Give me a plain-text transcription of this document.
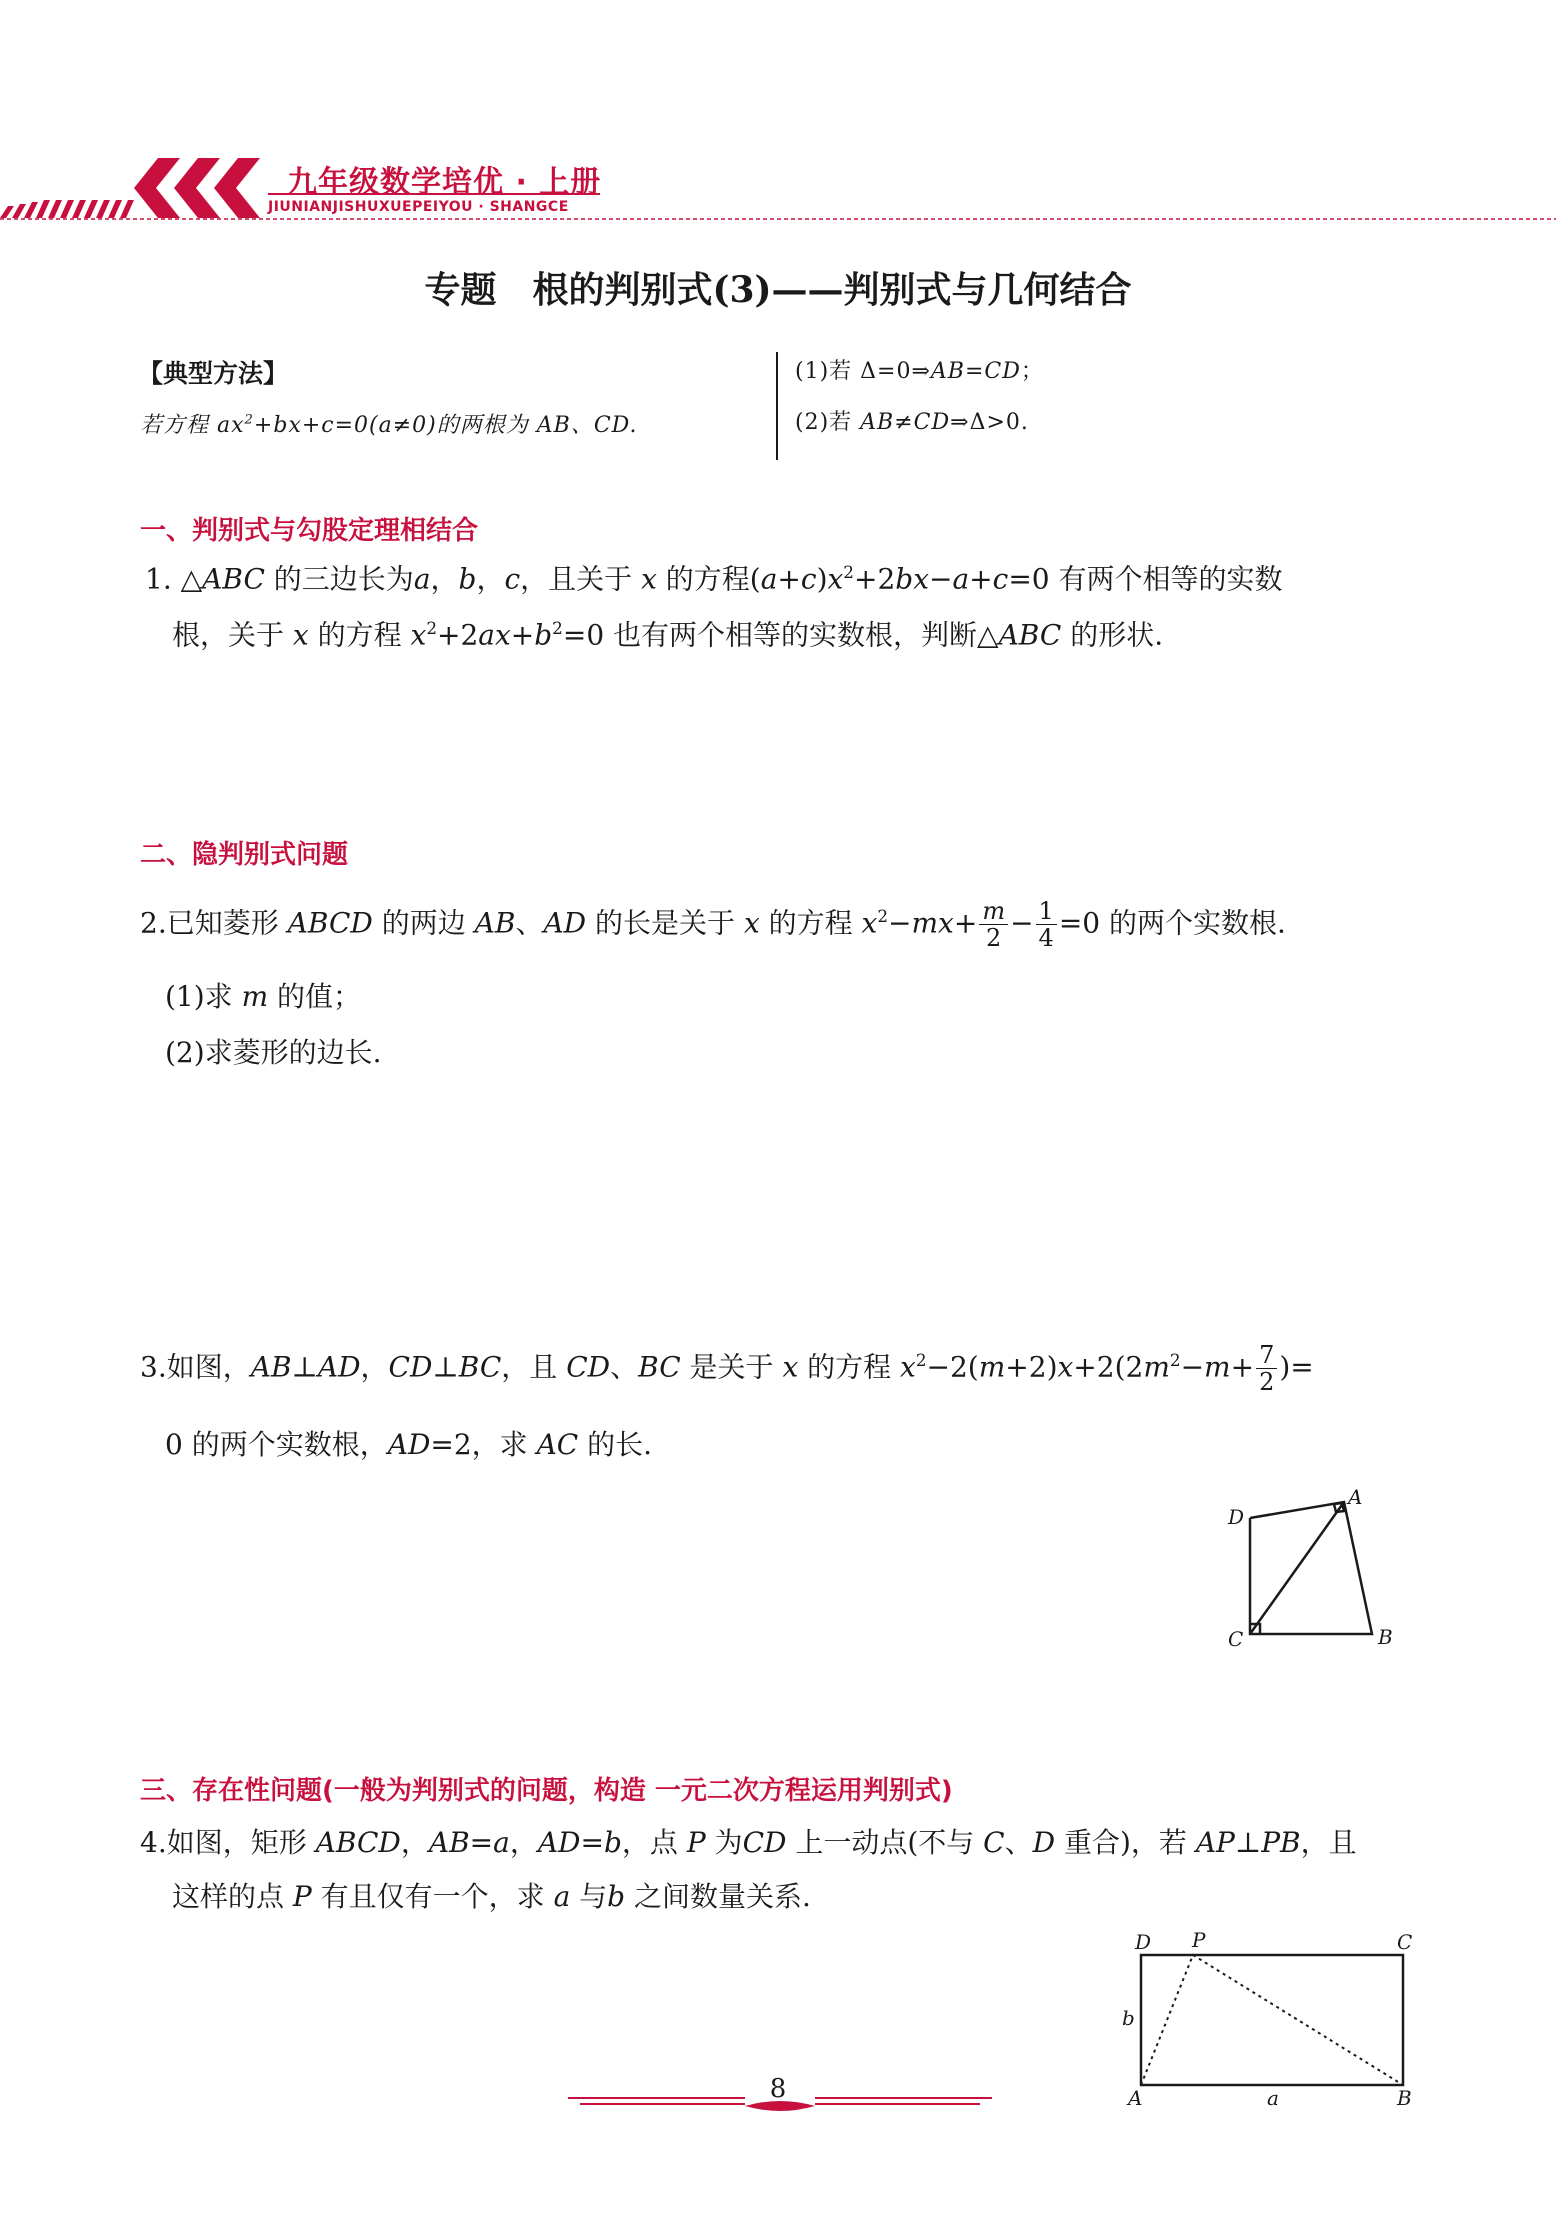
九年级数学培优 · 上册
JIUNIANJISHUXUEPEIYOU · SHANGCE
专题　根的判别式(3)——判别式与几何结合
【典型方法】
若方程 $ax^2+bx+c=0(a\ne 0)$的两根为 AB、CD.
(1)若 Δ=0⇒AB=CD；
(2)若 AB≠CD⇒Δ>0.
一、判别式与勾股定理相结合
1. △ABC 的三边长为a，b，c，且关于 x 的方程$(a+c)x^2+2bx-a+c=0$ 有两个相等的实数
根，关于 x 的方程 $x^2+2ax+b^2=0$ 也有两个相等的实数根，判断△ABC 的形状.
二、隐判别式问题
2.已知菱形 ABCD 的两边 AB、AD 的长是关于 x 的方程 $x^2-mx+ \frac{m}{2} - \frac{1}{4} =0$ 的两个实数根.
(1)求 m 的值；
(2)求菱形的边长.
3.如图，AB⊥AD，CD⊥BC，且 CD、BC 是关于 x 的方程 $x^2-2(m+2)x+2(2m^2-m+ \frac{7}{2}$ )=
0 的两个实数根，AD=2，求 AC 的长.
D
A
C	B
三、存在性问题(一般为判别式的问题，构造 一元二次方程运用判别式)
4.如图，矩形 ABCD，AB=a，AD=b，点 P 为CD 上一动点(不与 C、D 重合)，若 AP⊥PB，且
这样的点 P 有且仅有一个，求 a 与b 之间数量关系.
D P	C
b
A	a	B
8
